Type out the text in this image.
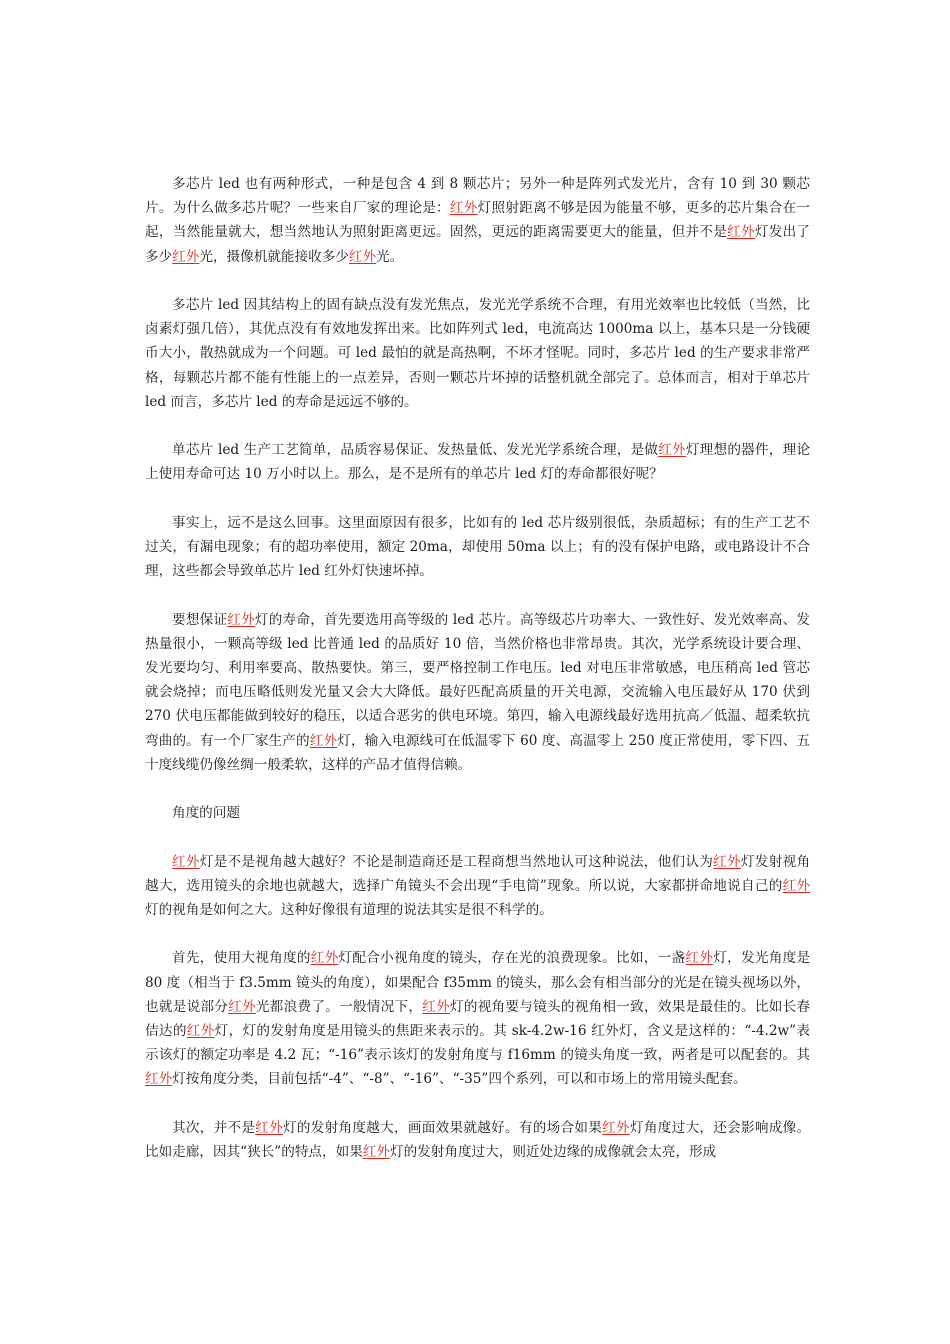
多芯片 led 也有两种形式，一种是包含 4 到 8 颗芯片；另外一种是阵列式发光片，含有 10 到 30 颗芯片。为什么做多芯片呢？一些来自厂家的理论是：红外灯照射距离不够是因为能量不够，更多的芯片集合在一起，当然能量就大，想当然地认为照射距离更远。固然，更远的距离需要更大的能量，但并不是红外灯发出了多少红外光，摄像机就能接收多少红外光。

多芯片 led 因其结构上的固有缺点没有发光焦点，发光光学系统不合理，有用光效率也比较低（当然，比卤素灯强几倍），其优点没有有效地发挥出来。比如阵列式 led，电流高达 1000ma 以上，基本只是一分钱硬币大小，散热就成为一个问题。可 led 最怕的就是高热啊，不坏才怪呢。同时，多芯片 led 的生产要求非常严格，每颗芯片都不能有性能上的一点差异，否则一颗芯片坏掉的话整机就全部完了。总体而言，相对于单芯片 led 而言，多芯片 led 的寿命是远远不够的。

单芯片 led 生产工艺简单，品质容易保证、发热量低、发光光学系统合理，是做红外灯理想的器件，理论上使用寿命可达 10 万小时以上。那么，是不是所有的单芯片 led 灯的寿命都很好呢？

事实上，远不是这么回事。这里面原因有很多，比如有的 led 芯片级别很低，杂质超标；有的生产工艺不过关，有漏电现象；有的超功率使用，额定 20ma，却使用 50ma 以上；有的没有保护电路，或电路设计不合理，这些都会导致单芯片 led 红外灯快速坏掉。

要想保证红外灯的寿命，首先要选用高等级的 led 芯片。高等级芯片功率大、一致性好、发光效率高、发热量很小，一颗高等级 led 比普通 led 的品质好 10 倍，当然价格也非常昂贵。其次，光学系统设计要合理、发光要均匀、利用率要高、散热要快。第三，要严格控制工作电压。led 对电压非常敏感，电压稍高 led 管芯就会烧掉；而电压略低则发光量又会大大降低。最好匹配高质量的开关电源，交流输入电压最好从 170 伏到 270 伏电压都能做到较好的稳压，以适合恶劣的供电环境。第四，输入电源线最好选用抗高／低温、超柔软抗弯曲的。有一个厂家生产的红外灯，输入电源线可在低温零下 60 度、高温零上 250 度正常使用，零下四、五十度线缆仍像丝绸一般柔软，这样的产品才值得信赖。

角度的问题

红外灯是不是视角越大越好？不论是制造商还是工程商想当然地认可这种说法，他们认为红外灯发射视角越大，选用镜头的余地也就越大，选择广角镜头不会出现“手电筒”现象。所以说，大家都拼命地说自己的红外灯的视角是如何之大。这种好像很有道理的说法其实是很不科学的。

首先，使用大视角度的红外灯配合小视角度的镜头，存在光的浪费现象。比如，一盏红外灯，发光角度是 80 度（相当于 f3.5mm 镜头的角度），如果配合 f35mm 的镜头，那么会有相当部分的光是在镜头视场以外，也就是说部分红外光都浪费了。一般情况下，红外灯的视角要与镜头的视角相一致，效果是最佳的。比如长春佶达的红外灯，灯的发射角度是用镜头的焦距来表示的。其 sk-4.2w-16 红外灯，含义是这样的：“-4.2w”表示该灯的额定功率是 4.2 瓦；“-16”表示该灯的发射角度与 f16mm 的镜头角度一致，两者是可以配套的。其红外灯按角度分类，目前包括“-4”、“-8”、“-16”、“-35”四个系列，可以和市场上的常用镜头配套。

其次，并不是红外灯的发射角度越大，画面效果就越好。有的场合如果红外灯角度过大，还会影响成像。比如走廊，因其“狭长”的特点，如果红外灯的发射角度过大，则近处边缘的成像就会太亮，形成
